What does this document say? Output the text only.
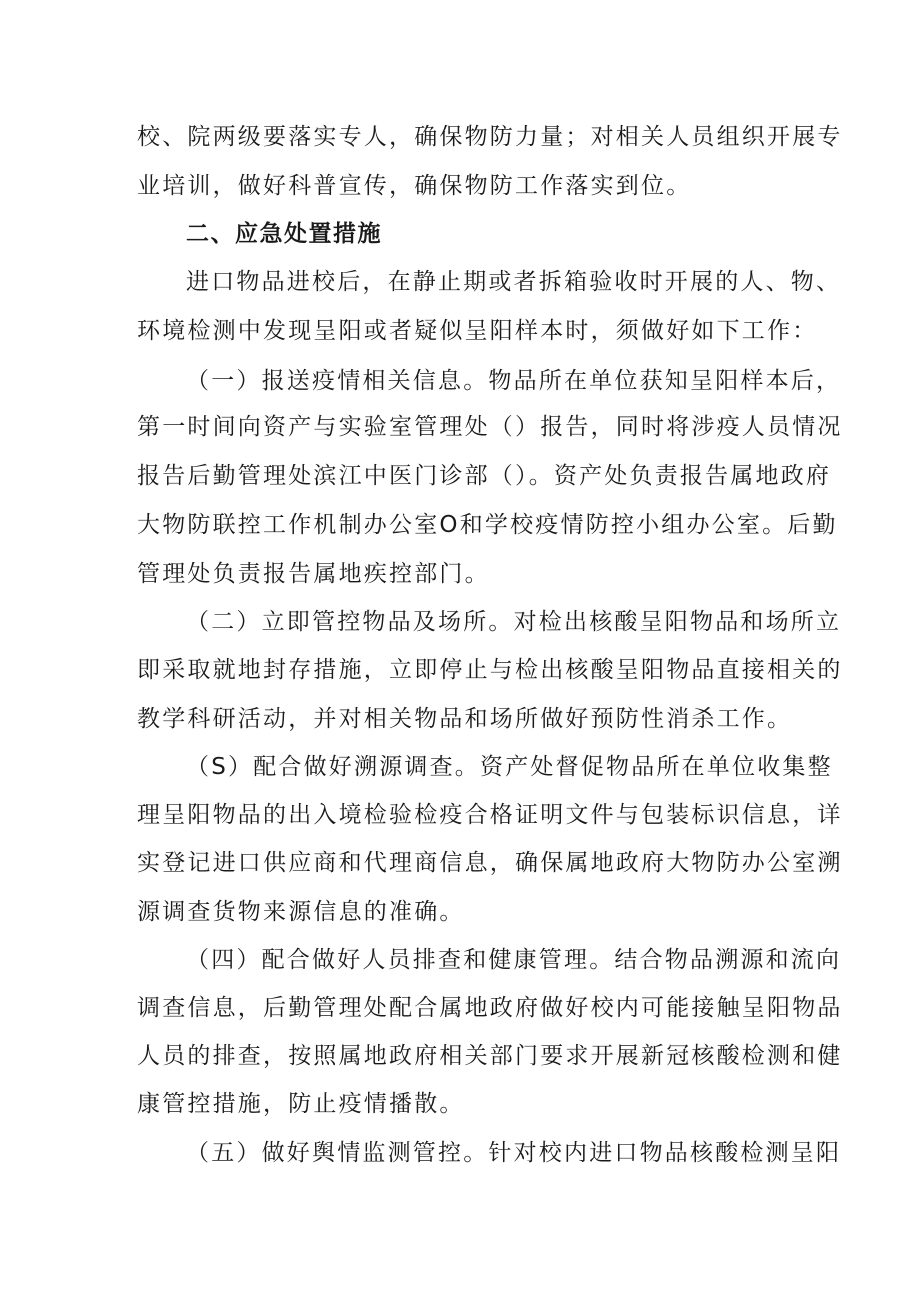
校、院两级要落实专人，确保物防力量；对相关人员组织开展专
业培训，做好科普宣传，确保物防工作落实到位。
二、应急处置措施
进口物品进校后，在静止期或者拆箱验收时开展的人、物、
环境检测中发现呈阳或者疑似呈阳样本时，须做好如下工作：
（一）报送疫情相关信息。物品所在单位获知呈阳样本后，
第一时间向资产与实验室管理处（）报告，同时将涉疫人员情况
报告后勤管理处滨江中医门诊部（）。资产处负责报告属地政府
大物防联控工作机制办公室O和学校疫情防控小组办公室。后勤
管理处负责报告属地疾控部门。
（二）立即管控物品及场所。对检出核酸呈阳物品和场所立
即采取就地封存措施，立即停止与检出核酸呈阳物品直接相关的
教学科研活动，并对相关物品和场所做好预防性消杀工作。
（S）配合做好溯源调查。资产处督促物品所在单位收集整
理呈阳物品的出入境检验检疫合格证明文件与包装标识信息，详
实登记进口供应商和代理商信息，确保属地政府大物防办公室溯
源调查货物来源信息的准确。
（四）配合做好人员排查和健康管理。结合物品溯源和流向
调查信息，后勤管理处配合属地政府做好校内可能接触呈阳物品
人员的排查，按照属地政府相关部门要求开展新冠核酸检测和健
康管控措施，防止疫情播散。
（五）做好舆情监测管控。针对校内进口物品核酸检测呈阳
